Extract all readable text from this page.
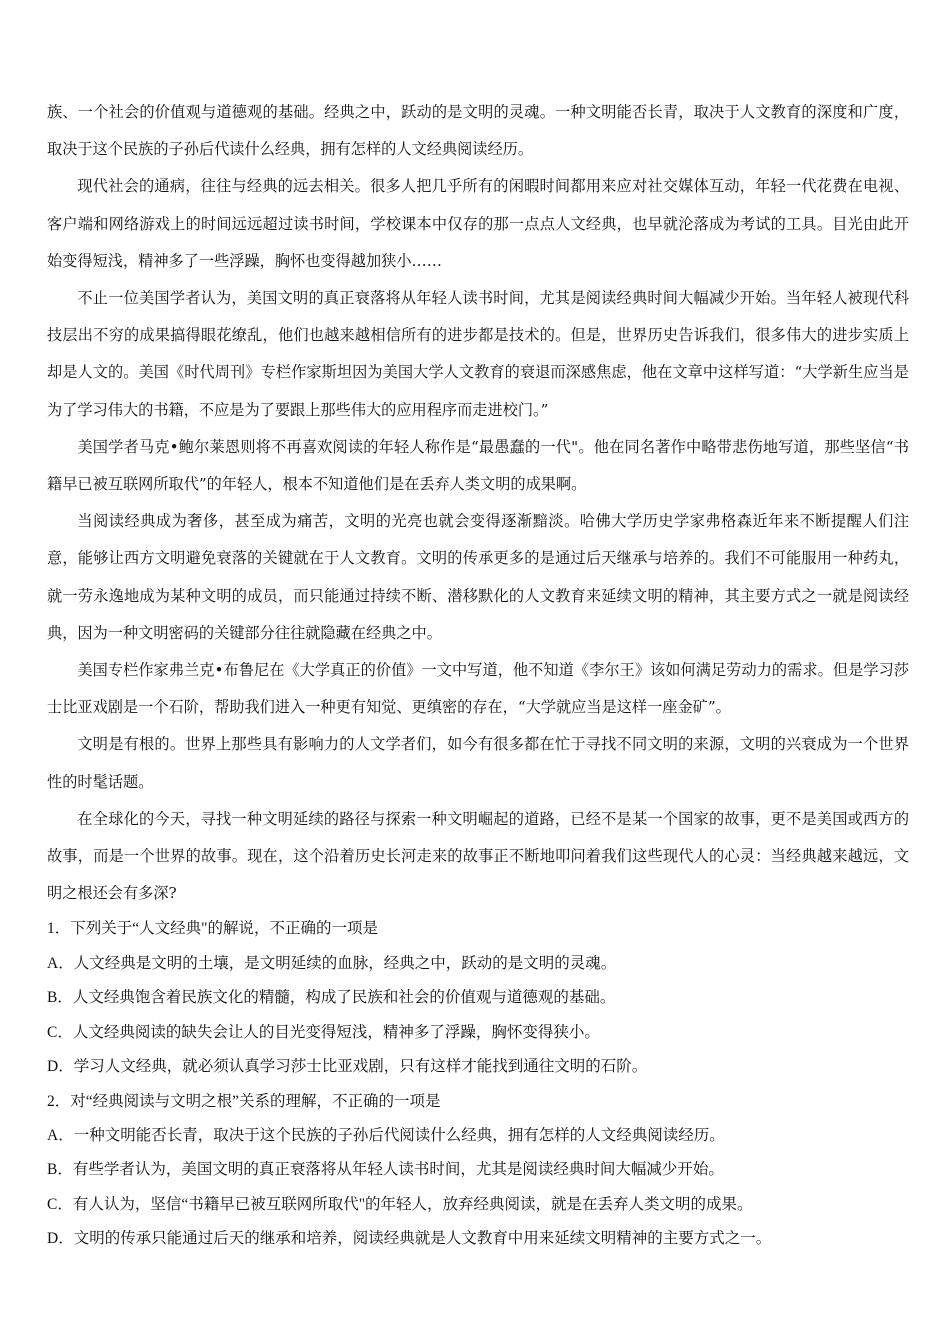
族、一个社会的价值观与道德观的基础。经典之中，跃动的是文明的灵魂。一种文明能否长青，取决于人文教育的深度和广度，取决于这个民族的子孙后代读什么经典，拥有怎样的人文经典阅读经历。

现代社会的通病，往往与经典的远去相关。很多人把几乎所有的闲暇时间都用来应对社交媒体互动，年轻一代花费在电视、客户端和网络游戏上的时间远远超过读书时间，学校课本中仅存的那一点点人文经典，也早就沦落成为考试的工具。目光由此开始变得短浅，精神多了一些浮躁，胸怀也变得越加狭小……

不止一位美国学者认为，美国文明的真正衰落将从年轻人读书时间，尤其是阅读经典时间大幅减少开始。当年轻人被现代科技层出不穷的成果搞得眼花缭乱，他们也越来越相信所有的进步都是技术的。但是，世界历史告诉我们，很多伟大的进步实质上却是人文的。美国《时代周刊》专栏作家斯坦因为美国大学人文教育的衰退而深感焦虑，他在文章中这样写道：“大学新生应当是为了学习伟大的书籍，不应是为了要跟上那些伟大的应用程序而走进校门。”

美国学者马克•鲍尔莱恩则将不再喜欢阅读的年轻人称作是“最愚蠢的一代"。他在同名著作中略带悲伤地写道，那些坚信“书籍早已被互联网所取代”的年轻人，根本不知道他们是在丢弃人类文明的成果啊。

当阅读经典成为奢侈，甚至成为痛苦，文明的光亮也就会变得逐渐黯淡。哈佛大学历史学家弗格森近年来不断提醒人们注意，能够让西方文明避免衰落的关键就在于人文教育。文明的传承更多的是通过后天继承与培养的。我们不可能服用一种药丸，就一劳永逸地成为某种文明的成员，而只能通过持续不断、潜移默化的人文教育来延续文明的精神，其主要方式之一就是阅读经典，因为一种文明密码的关键部分往往就隐藏在经典之中。

美国专栏作家弗兰克•布鲁尼在《大学真正的价值》一文中写道，他不知道《李尔王》该如何满足劳动力的需求。但是学习莎士比亚戏剧是一个石阶，帮助我们进入一种更有知觉、更缜密的存在，“大学就应当是这样一座金矿”。

文明是有根的。世界上那些具有影响力的人文学者们，如今有很多都在忙于寻找不同文明的来源，文明的兴衰成为一个世界性的时髦话题。

在全球化的今天，寻找一种文明延续的路径与探索一种文明崛起的道路，已经不是某一个国家的故事，更不是美国或西方的故事，而是一个世界的故事。现在，这个沿着历史长河走来的故事正不断地叩问着我们这些现代人的心灵：当经典越来越远，文明之根还会有多深?

1．下列关于“人文经典"的解说，不正确的一项是

A．人文经典是文明的土壤，是文明延续的血脉，经典之中，跃动的是文明的灵魂。

B．人文经典饱含着民族文化的精髓，构成了民族和社会的价值观与道德观的基础。

C．人文经典阅读的缺失会让人的目光变得短浅，精神多了浮躁，胸怀变得狭小。

D．学习人文经典，就必须认真学习莎士比亚戏剧，只有这样才能找到通往文明的石阶。

2．对“经典阅读与文明之根”关系的理解，不正确的一项是

A．一种文明能否长青，取决于这个民族的子孙后代阅读什么经典，拥有怎样的人文经典阅读经历。

B．有些学者认为，美国文明的真正衰落将从年轻人读书时间，尤其是阅读经典时间大幅减少开始。

C．有人认为，坚信“书籍早已被互联网所取代"的年轻人，放弃经典阅读，就是在丢弃人类文明的成果。

D．文明的传承只能通过后天的继承和培养，阅读经典就是人文教育中用来延续文明精神的主要方式之一。
